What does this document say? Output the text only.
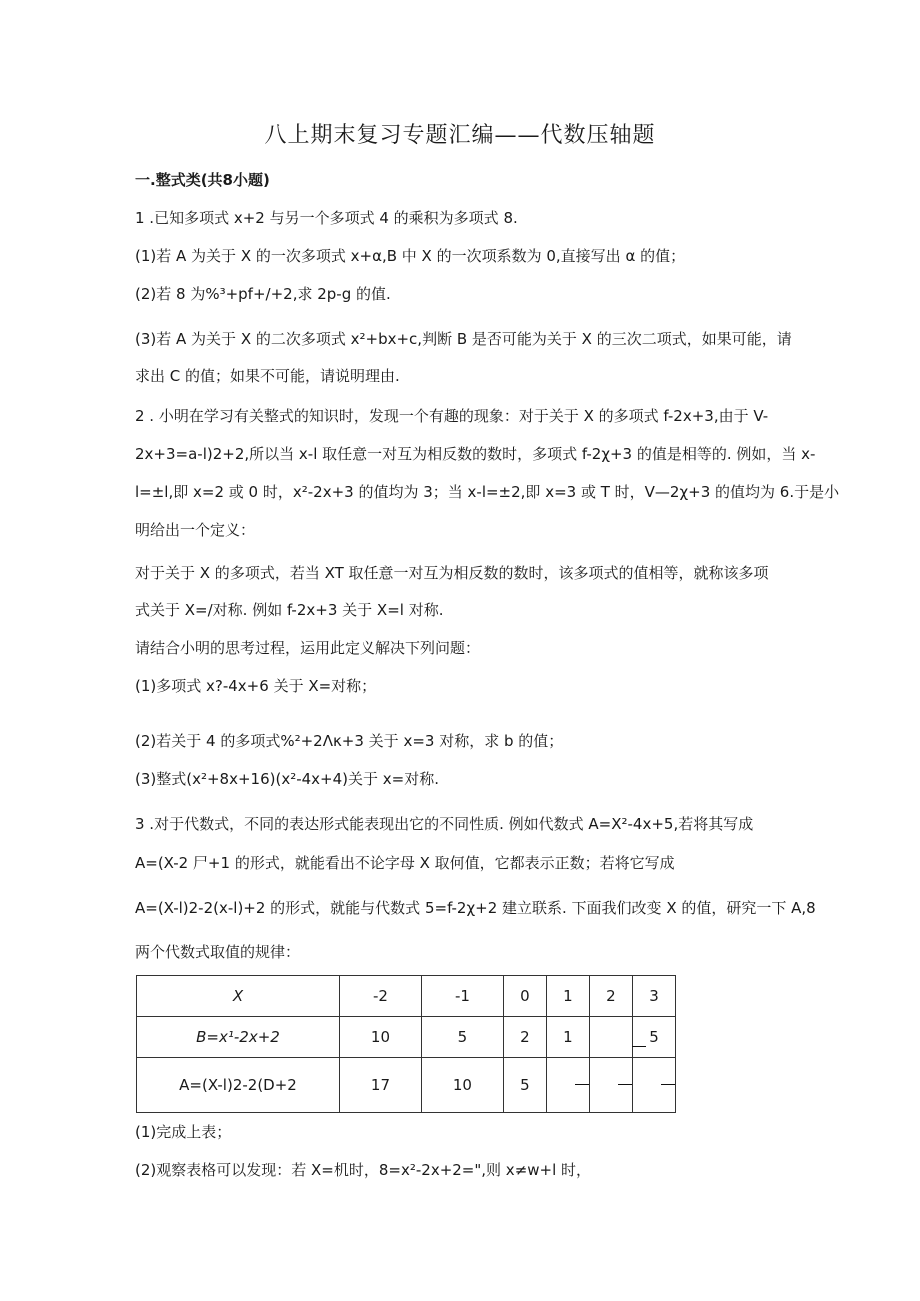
八上期末复习专题汇编——代数压轴题
一.整式类(共8小题)
1 .已知多项式 x+2 与另一个多项式 4 的乘积为多项式 8.
(1)若 A 为关于 X 的一次多项式 x+α,B 中 X 的一次项系数为 0,直接写出 α 的值；
(2)若 8 为%³+pf+/+2,求 2p-g 的值.
(3)若 A 为关于 X 的二次多项式 x²+bx+c,判断 B 是否可能为关于 X 的三次二项式，如果可能，请
求出 C 的值；如果不可能，请说明理由.
2 . 小明在学习有关整式的知识时，发现一个有趣的现象：对于关于 X 的多项式 f-2x+3,由于 V-
2x+3=a-l)2+2,所以当 x-l 取任意一对互为相反数的数时，多项式 f-2χ+3 的值是相等的. 例如，当 x-
l=±l,即 x=2 或 0 时，x²-2x+3 的值均为 3；当 x-l=±2,即 x=3 或 T 时，V—2χ+3 的值均为 6.于是小
明给出一个定义：
对于关于 X 的多项式，若当 XT 取任意一对互为相反数的数时，该多项式的值相等，就称该多项
式关于 X=/对称. 例如 f-2x+3 关于 X=l 对称.
请结合小明的思考过程，运用此定义解决下列问题：
(1)多项式 x?-4x+6 关于 X=对称；
(2)若关于 4 的多项式%²+2Λκ+3 关于 x=3 对称，求 b 的值；
(3)整式(x²+8x+16)(x²-4x+4)关于 x=对称.
3 .对于代数式，不同的表达形式能表现出它的不同性质. 例如代数式 A=X²-4x+5,若将其写成
A=(X-2 尸+1 的形式，就能看出不论字母 X 取何值，它都表示正数；若将它写成
A=(X-l)2-2(x-l)+2 的形式，就能与代数式 5=f-2χ+2 建立联系. 下面我们改变 X 的值，研究一下 A,8
两个代数式取值的规律：
X	-2	-1	0	1	2	3
B=x¹-2x+2	10	5	2	1		5
A=(X-l)2-2(D+2	17	10	5	

(1)完成上表；
(2)观察表格可以发现：若 X=机时，8=x²-2x+2=",则 x≠w+l 时，
